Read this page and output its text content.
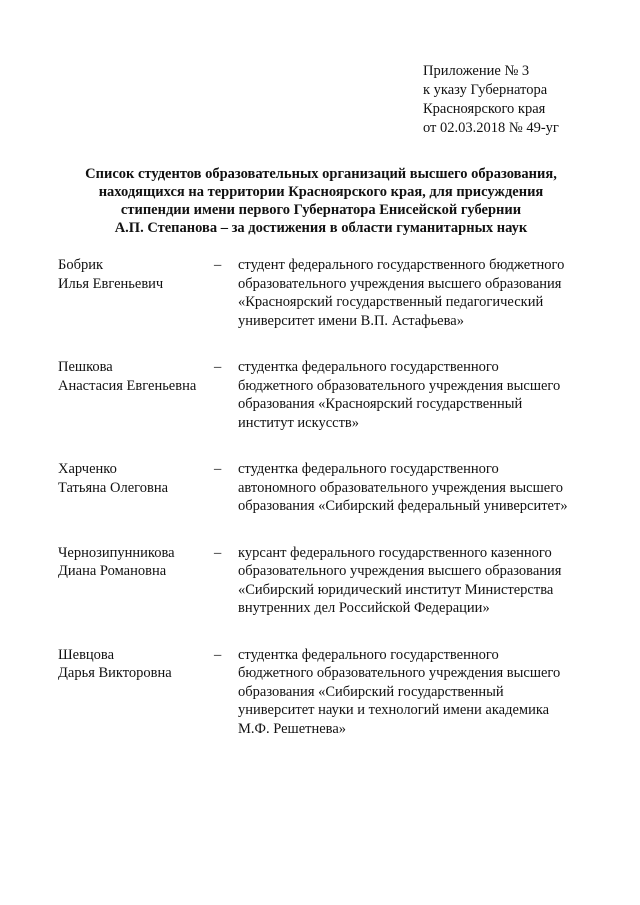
Приложение № 3
к указу Губернатора
Красноярского края
от 02.03.2018 № 49-уг
Список студентов образовательных организаций высшего образования,
находящихся на территории Красноярского края, для присуждения
стипендии имени первого Губернатора Енисейской губернии
А.П. Степанова – за достижения в области гуманитарных наук
Бобрик
Илья Евгеньевич
– студент федерального государственного бюджетного
образовательного учреждения высшего образования
«Красноярский государственный педагогический
университет имени В.П. Астафьева»
Пешкова
Анастасия Евгеньевна
– студентка федерального государственного
бюджетного образовательного учреждения высшего
образования «Красноярский государственный
институт искусств»
Харченко
Татьяна Олеговна
– студентка федерального государственного
автономного образовательного учреждения высшего
образования «Сибирский федеральный университет»
Чернозипунникова
Диана Романовна
– курсант федерального государственного казенного
образовательного учреждения высшего образования
«Сибирский юридический институт Министерства
внутренних дел Российской Федерации»
Шевцова
Дарья Викторовна
– студентка федерального государственного
бюджетного образовательного учреждения высшего
образования «Сибирский государственный
университет науки и технологий имени академика
М.Ф. Решетнева»
